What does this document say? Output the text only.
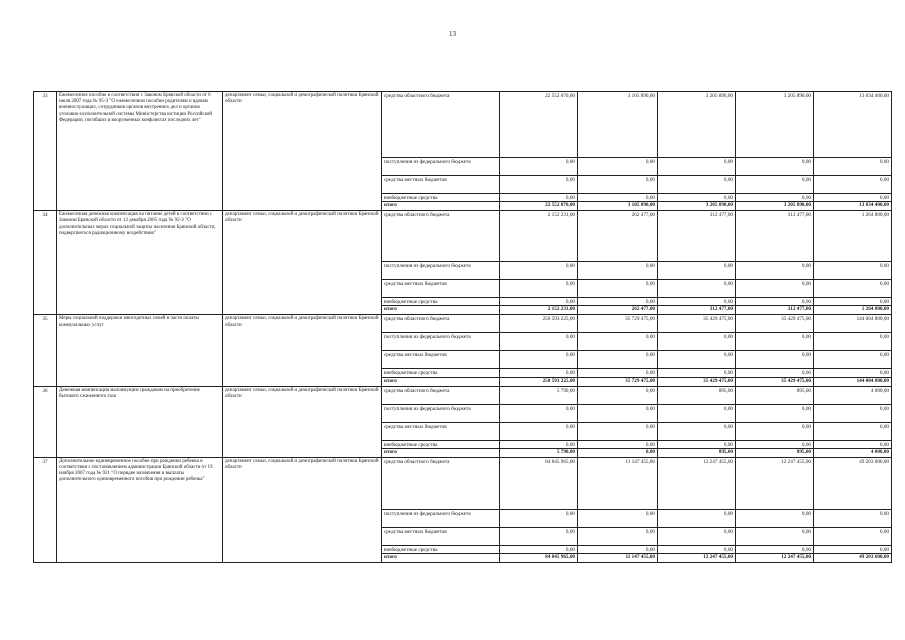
13
33	Ежемесячное пособие в соответствии с Законом Брянской области от 6 июля 2007 года № 95-З "О ежемесячном пособии родителям и вдовам военнослужащих, сотрудников органов внутренних дел и органов уголовно-исполнительной системы Министерства юстиции Российской Федерации, погибших в вооруженных конфликтах последних лет"	департамент семьи, социальной и демографической политики Брянской области	средства областного бюджета	22 552 070,00	3 105 890,00	3 205 890,00	3 205 890,00	13 034 400,00
			поступления из федерального бюджета	0,00	0,00	0,00	0,00	0,00
			средства местных бюджетов	0,00	0,00	0,00	0,00	0,00
			внебюджетные средства	0,00	0,00	0,00	0,00	0,00
			итого	22 552 070,00	3 105 890,00	3 205 890,00	3 205 890,00	13 034 400,00
34	Ежемесячная денежная компенсация на питание детей в соответствии с Законом Брянской области от 13 декабря 2005 года № 92-З "О дополнительных мерах социальной защиты населения Брянской области, подвергшегося радиационному воздействию"	департамент семьи, социальной и демографической политики Брянской области	средства областного бюджета	2 152 231,00	262 477,00	312 477,00	312 477,00	1 264 800,00
			поступления из федерального бюджета	0,00	0,00	0,00	0,00	0,00
			средства местных бюджетов	0,00	0,00	0,00	0,00	0,00
			внебюджетные средства	0,00	0,00	0,00	0,00	0,00
			итого	2 152 231,00	262 477,00	312 477,00	312 477,00	1 264 800,00
35	Меры социальной поддержки многодетных семей в части оплаты коммунальных услуг	департамент семьи, социальной и демографической политики Брянской области	средства областного бюджета	250 593 225,00	35 729 475,00	35 429 475,00	35 429 475,00	144 004 800,00
			поступления из федерального бюджета	0,00	0,00	0,00	0,00	0,00
			средства местных бюджетов	0,00	0,00	0,00	0,00	0,00
			внебюджетные средства	0,00	0,00	0,00	0,00	0,00
			итого	250 593 225,00	35 729 475,00	35 429 475,00	35 429 475,00	144 004 800,00
36	Денежная компенсация малоимущим гражданам на приобретение бытового сжиженного газа	департамент семьи, социальной и демографической политики Брянской области	средства областного бюджета	5 790,00	0,00	895,00	895,00	4 000,00
			поступления из федерального бюджета	0,00	0,00	0,00	0,00	0,00
			средства местных бюджетов	0,00	0,00	0,00	0,00	0,00
			внебюджетные средства	0,00	0,00	0,00	0,00	0,00
			итого	5 790,00	0,00	895,00	895,00	4 000,00
37	Дополнительное единовременное пособие при рождении ребенка в соответствии с постановлением администрации Брянской области от 19 ноября 2007 года № 921 "О порядке назначения и выплаты дополнительного единовременного пособия при рождении ребенка"	департамент семьи, социальной и демографической политики Брянской области	средства областного бюджета	84 845 965,00	11 147 455,00	12 247 455,00	12 247 455,00	49 203 600,00
			поступления из федерального бюджета	0,00	0,00	0,00	0,00	0,00
			средства местных бюджетов	0,00	0,00	0,00	0,00	0,00
			внебюджетные средства	0,00	0,00	0,00	0,00	0,00
			итого	84 845 965,00	11 147 455,00	12 247 455,00	12 247 455,00	49 203 600,00
